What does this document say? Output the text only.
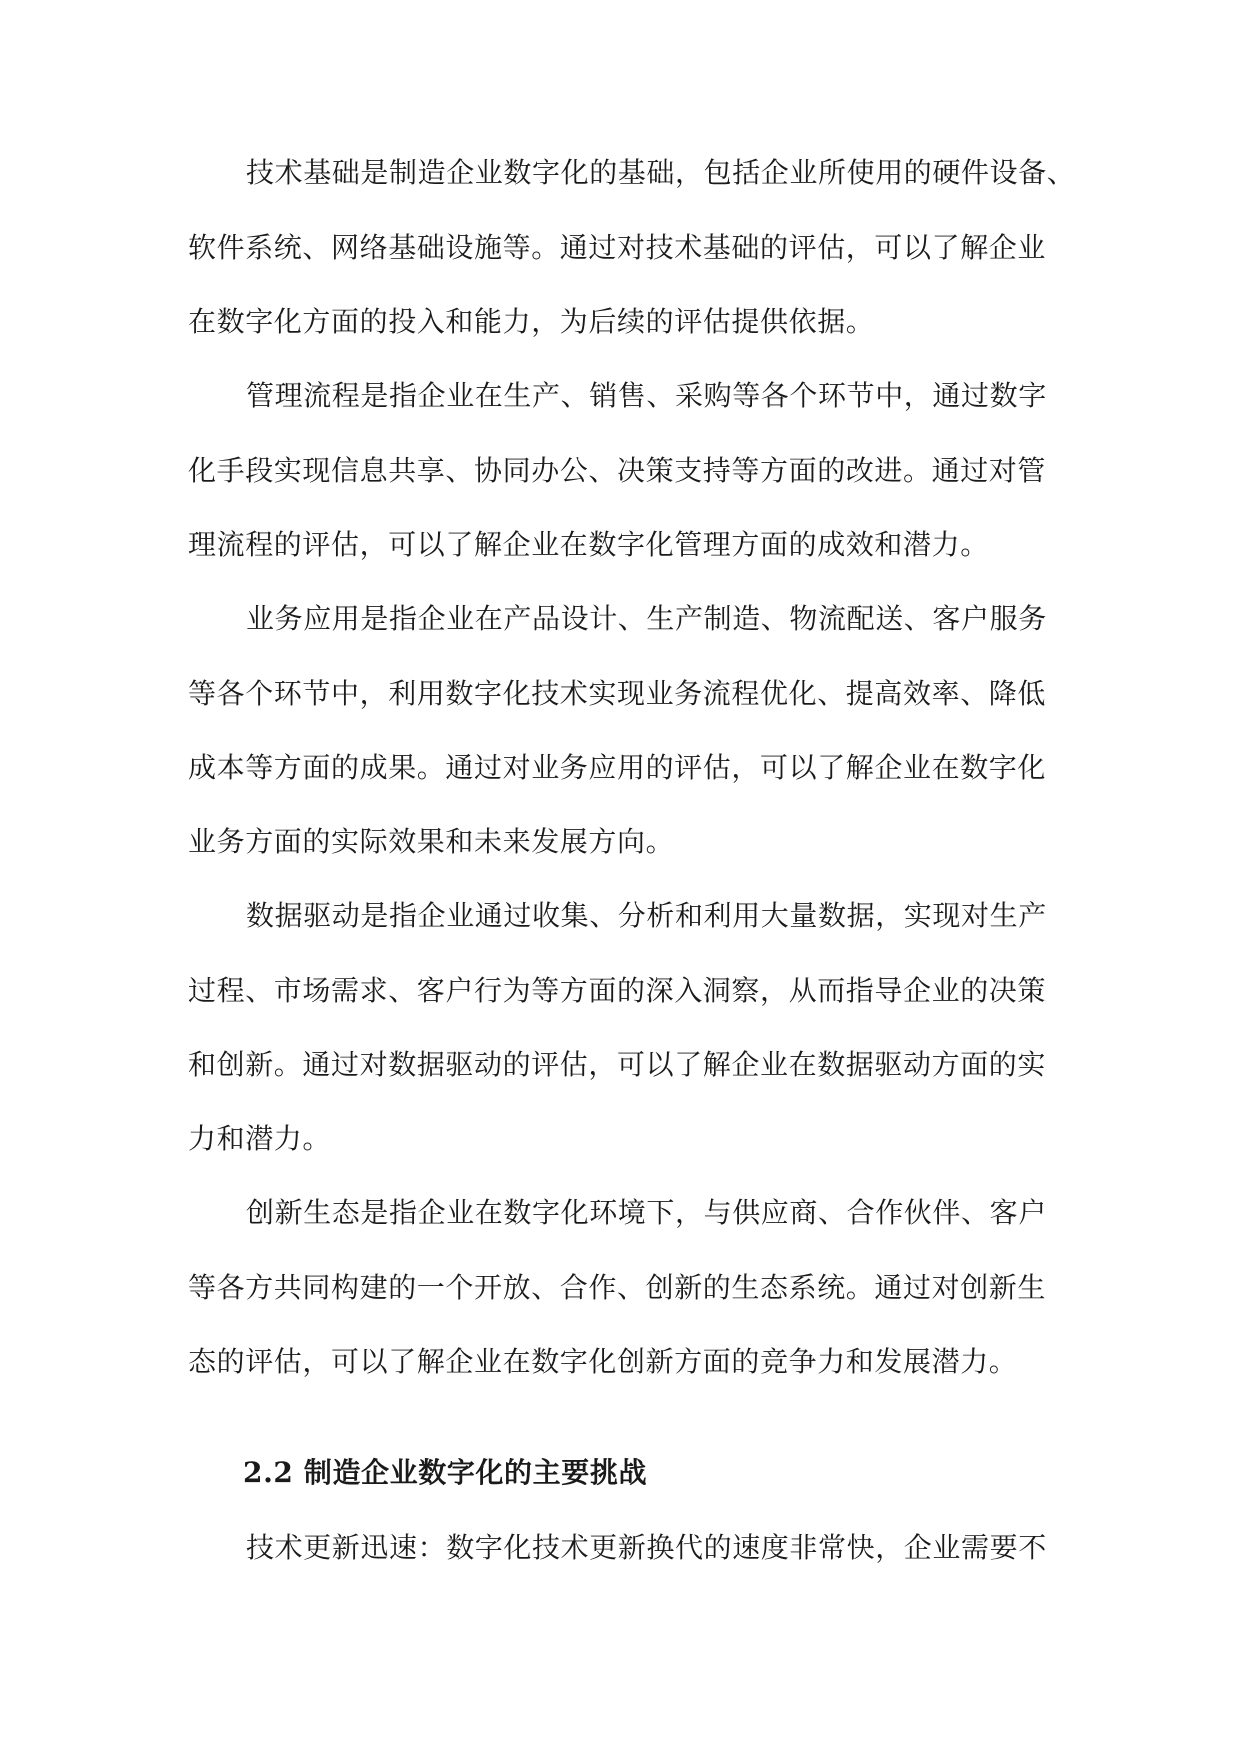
技术基础是制造企业数字化的基础，包括企业所使用的硬件设备、
软件系统、网络基础设施等。通过对技术基础的评估，可以了解企业
在数字化方面的投入和能力，为后续的评估提供依据。
管理流程是指企业在生产、销售、采购等各个环节中，通过数字
化手段实现信息共享、协同办公、决策支持等方面的改进。通过对管
理流程的评估，可以了解企业在数字化管理方面的成效和潜力。
业务应用是指企业在产品设计、生产制造、物流配送、客户服务
等各个环节中，利用数字化技术实现业务流程优化、提高效率、降低
成本等方面的成果。通过对业务应用的评估，可以了解企业在数字化
业务方面的实际效果和未来发展方向。
数据驱动是指企业通过收集、分析和利用大量数据，实现对生产
过程、市场需求、客户行为等方面的深入洞察，从而指导企业的决策
和创新。通过对数据驱动的评估，可以了解企业在数据驱动方面的实
力和潜力。
创新生态是指企业在数字化环境下，与供应商、合作伙伴、客户
等各方共同构建的一个开放、合作、创新的生态系统。通过对创新生
态的评估，可以了解企业在数字化创新方面的竞争力和发展潜力。
2.2 制造企业数字化的主要挑战
技术更新迅速：数字化技术更新换代的速度非常快，企业需要不
